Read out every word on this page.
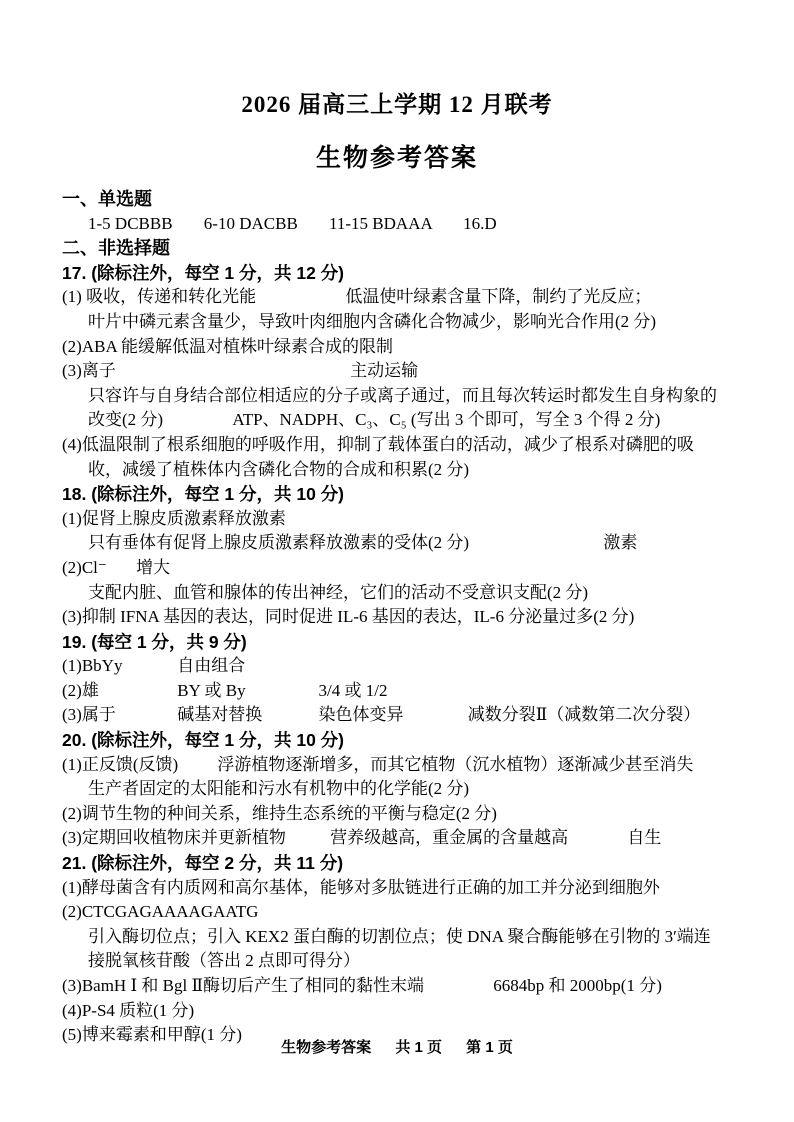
2026 届高三上学期 12 月联考
生物参考答案
一、单选题
1-5 DCBBB 6-10 DACBB 11-15 BDAAA 16.D
二、非选择题
17. (除标注外，每空 1 分，共 12 分)
(1) 吸收，传递和转化光能	低温使叶绿素含量下降，制约了光反应；
叶片中磷元素含量少，导致叶肉细胞内含磷化合物减少，影响光合作用(2 分)
(2)ABA 能缓解低温对植株叶绿素合成的限制
(3)离子	主动运输
只容许与自身结合部位相适应的分子或离子通过，而且每次转运时都发生自身构象的
改变(2 分)	ATP、NADPH、C₃、C₅ (写出 3 个即可，写全 3 个得 2 分)
(4)低温限制了根系细胞的呼吸作用，抑制了载体蛋白的活动，减少了根系对磷肥的吸
收，减缓了植株体内含磷化合物的合成和积累(2 分)
18. (除标注外，每空 1 分，共 10 分)
(1)促肾上腺皮质激素释放激素
只有垂体有促肾上腺皮质激素释放激素的受体(2 分)	激素
(2)Cl⁻ 增大
支配内脏、血管和腺体的传出神经，它们的活动不受意识支配(2 分)
(3)抑制 IFNA 基因的表达，同时促进 IL-6 基因的表达，IL-6 分泌量过多(2 分)
19. (每空 1 分，共 9 分)
(1)BbYy	自由组合
(2)雄	BY 或 By	3/4 或 1/2
(3)属于	碱基对替换	染色体变异	减数分裂Ⅱ（减数第二次分裂）
20. (除标注外，每空 1 分，共 10 分)
(1)正反馈(反馈) 浮游植物逐渐增多，而其它植物（沉水植物）逐渐减少甚至消失
生产者固定的太阳能和污水有机物中的化学能(2 分)
(2)调节生物的种间关系，维持生态系统的平衡与稳定(2 分)
(3)定期回收植物床并更新植物	营养级越高，重金属的含量越高	自生
21. (除标注外，每空 2 分，共 11 分)
(1)酵母菌含有内质网和高尔基体，能够对多肽链进行正确的加工并分泌到细胞外
(2)CTCGAGAAAAGAATG
引入酶切位点；引入 KEX2 蛋白酶的切割位点；使 DNA 聚合酶能够在引物的 3′端连
接脱氧核苷酸（答出 2 点即可得分）
(3)BamH Ⅰ 和 Bgl Ⅱ酶切后产生了相同的黏性末端	6684bp 和 2000bp(1 分)
(4)P-S4 质粒(1 分)
(5)博来霉素和甲醇(1 分)
生物参考答案 共 1 页 第 1 页
